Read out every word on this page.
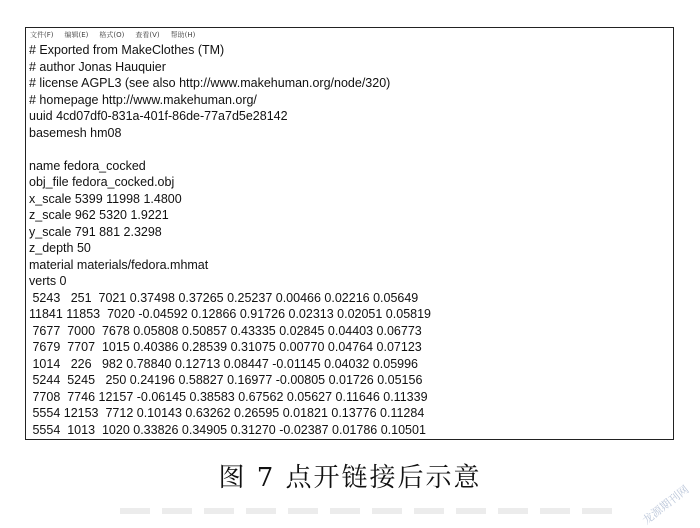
文件(F) 编辑(E) 格式(O) 查看(V) 帮助(H)
# Exported from MakeClothes (TM)
# author Jonas Hauquier
# license AGPL3 (see also http://www.makehuman.org/node/320)
# homepage http://www.makehuman.org/
uuid 4cd07df0-831a-401f-86de-77a7d5e28142
basemesh hm08

name fedora_cocked
obj_file fedora_cocked.obj
x_scale 5399 11998 1.4800
z_scale 962 5320 1.9221
y_scale 791 881 2.3298
z_depth 50
material materials/fedora.mhmat
verts 0
5243   251  7021 0.37498 0.37265 0.25237 0.00466 0.02216 0.05649
11841 11853  7020 -0.04592 0.12866 0.91726 0.02313 0.02051 0.05819
7677  7000  7678 0.05808 0.50857 0.43335 0.02845 0.04403 0.06773
7679  7707  1015 0.40386 0.28539 0.31075 0.00770 0.04764 0.07123
1014   226   982 0.78840 0.12713 0.08447 -0.01145 0.04032 0.05996
5244  5245   250 0.24196 0.58827 0.16977 -0.00805 0.01726 0.05156
7708  7746 12157 -0.06145 0.38583 0.67562 0.05627 0.11646 0.11339
5554 12153  7712 0.10143 0.63262 0.26595 0.01821 0.13776 0.11284
5554  1013  1020 0.33826 0.34905 0.31270 -0.02387 0.01786 0.10501
图 7 点开链接后示意
龙源期刊网
